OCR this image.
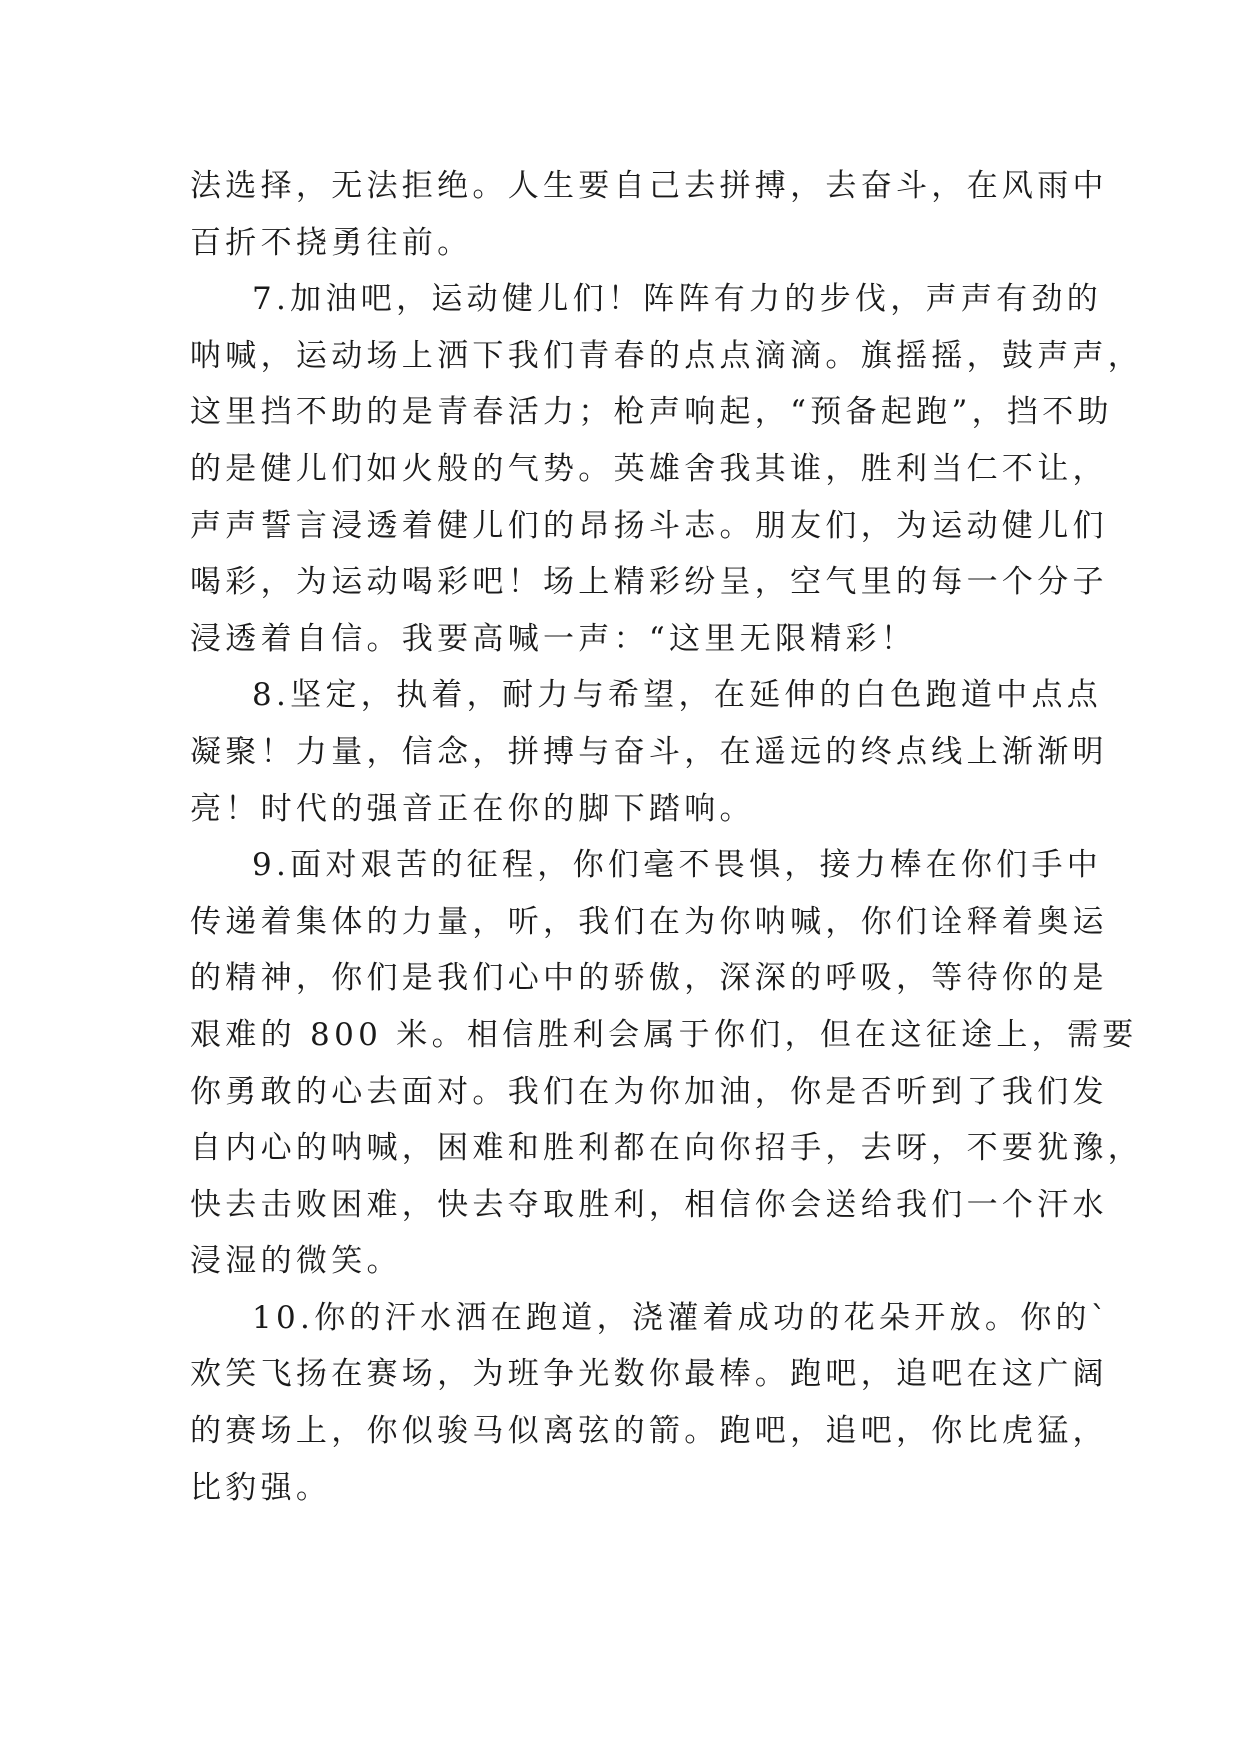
法选择，无法拒绝。人生要自己去拼搏，去奋斗，在风雨中
百折不挠勇往前。
7.加油吧，运动健儿们！阵阵有力的步伐，声声有劲的
呐喊，运动场上洒下我们青春的点点滴滴。旗摇摇，鼓声声，
这里挡不助的是青春活力；枪声响起，“预备起跑”，挡不助
的是健儿们如火般的气势。英雄舍我其谁，胜利当仁不让，
声声誓言浸透着健儿们的昂扬斗志。朋友们，为运动健儿们
喝彩，为运动喝彩吧！场上精彩纷呈，空气里的每一个分子
浸透着自信。我要高喊一声：“这里无限精彩！
8.坚定，执着，耐力与希望，在延伸的白色跑道中点点
凝聚！力量，信念，拼搏与奋斗，在遥远的终点线上渐渐明
亮！时代的强音正在你的脚下踏响。
9.面对艰苦的征程，你们毫不畏惧，接力棒在你们手中
传递着集体的力量，听，我们在为你呐喊，你们诠释着奥运
的精神，你们是我们心中的骄傲，深深的呼吸，等待你的是
艰难的 800 米。相信胜利会属于你们，但在这征途上，需要
你勇敢的心去面对。我们在为你加油，你是否听到了我们发
自内心的呐喊，困难和胜利都在向你招手，去呀，不要犹豫，
快去击败困难，快去夺取胜利，相信你会送给我们一个汗水
浸湿的微笑。
10.你的汗水洒在跑道，浇灌着成功的花朵开放。你的`
欢笑飞扬在赛场，为班争光数你最棒。跑吧，追吧在这广阔
的赛场上，你似骏马似离弦的箭。跑吧，追吧，你比虎猛，
比豹强。
